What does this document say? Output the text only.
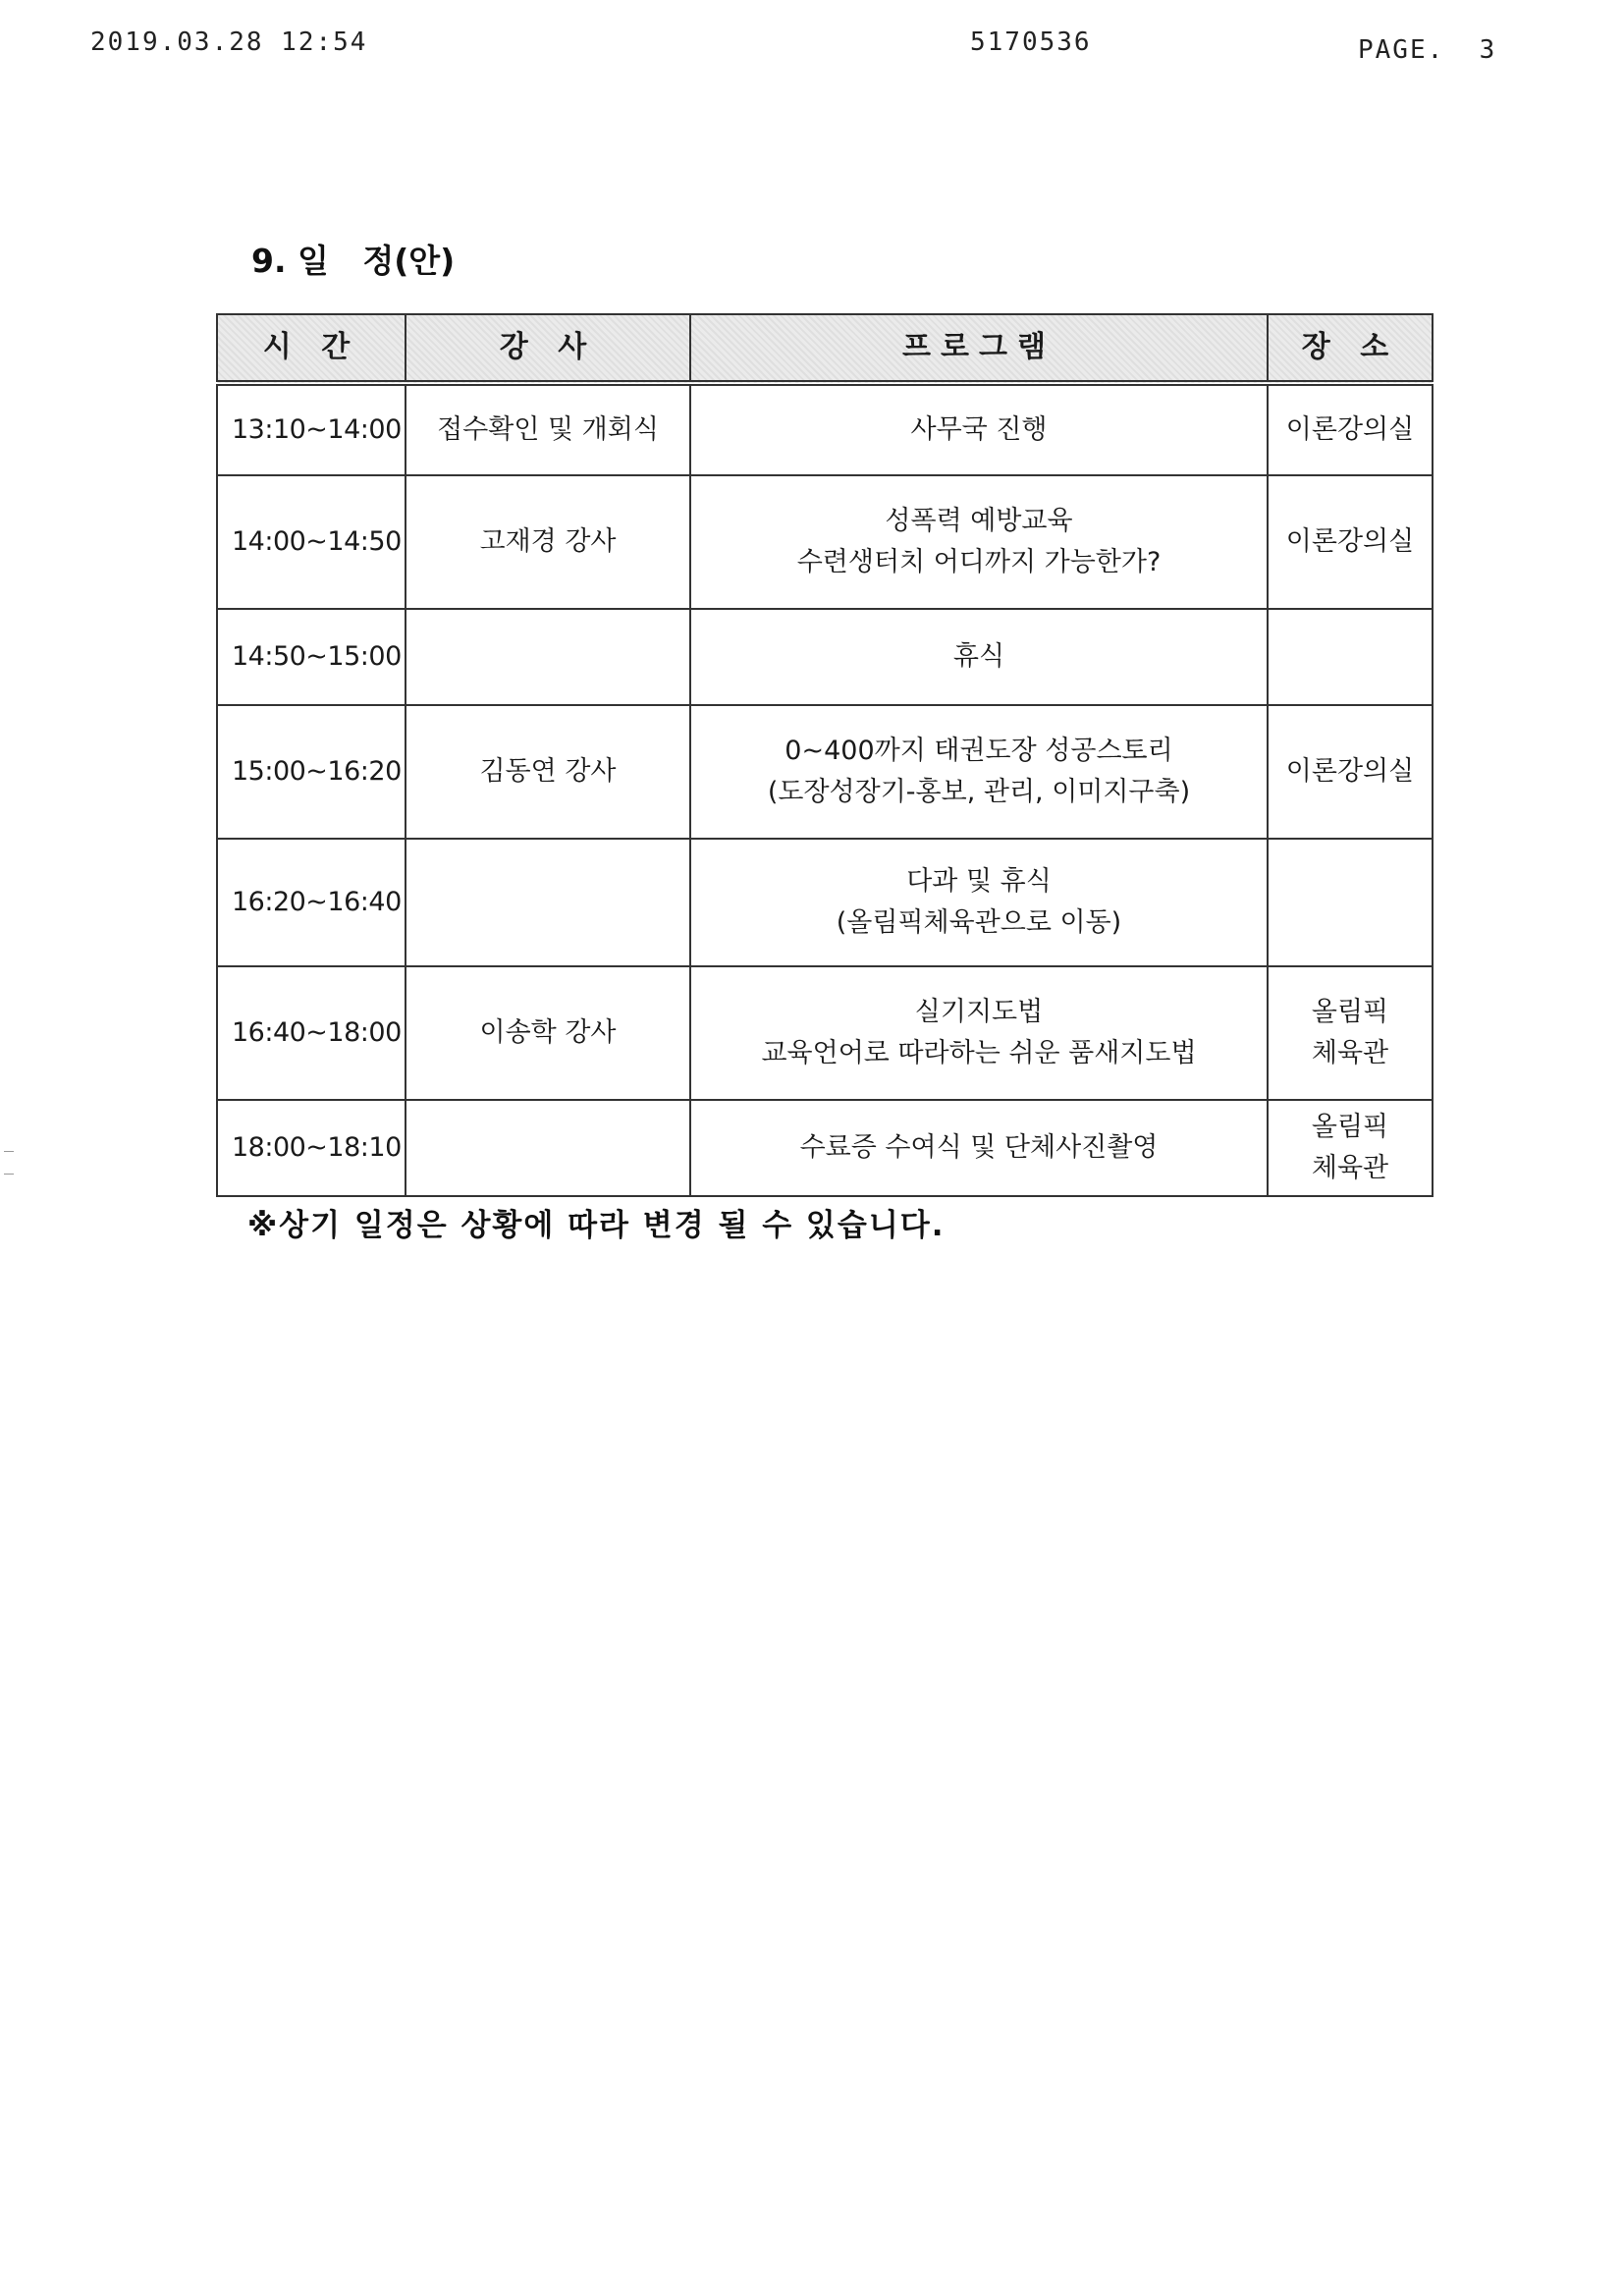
2019.03.28 12:54	5170536	PAGE. 3
9. 일   정(안)
시 간	강 사	프로그램	장 소
13:10~14:00	접수확인 및 개회식	사무국 진행	이론강의실

14:00~14:50	고재경 강사	성폭력 예방교육
수련생터치 어디까지 가능한가?	이론강의실

14:50~15:00		휴식	

15:00~16:20	김동연 강사	0~400까지 태권도장 성공스토리
(도장성장기-홍보, 관리, 이미지구축)	이론강의실

16:20~16:40		다과 및 휴식
(올림픽체육관으로 이동)	

16:40~18:00	이송학 강사	실기지도법
교육언어로 따라하는 쉬운 품새지도법	올림픽
체육관

18:00~18:10		수료증 수여식 및 단체사진촬영	올림픽
체육관
※상기 일정은 상황에 따라 변경 될 수 있습니다.
